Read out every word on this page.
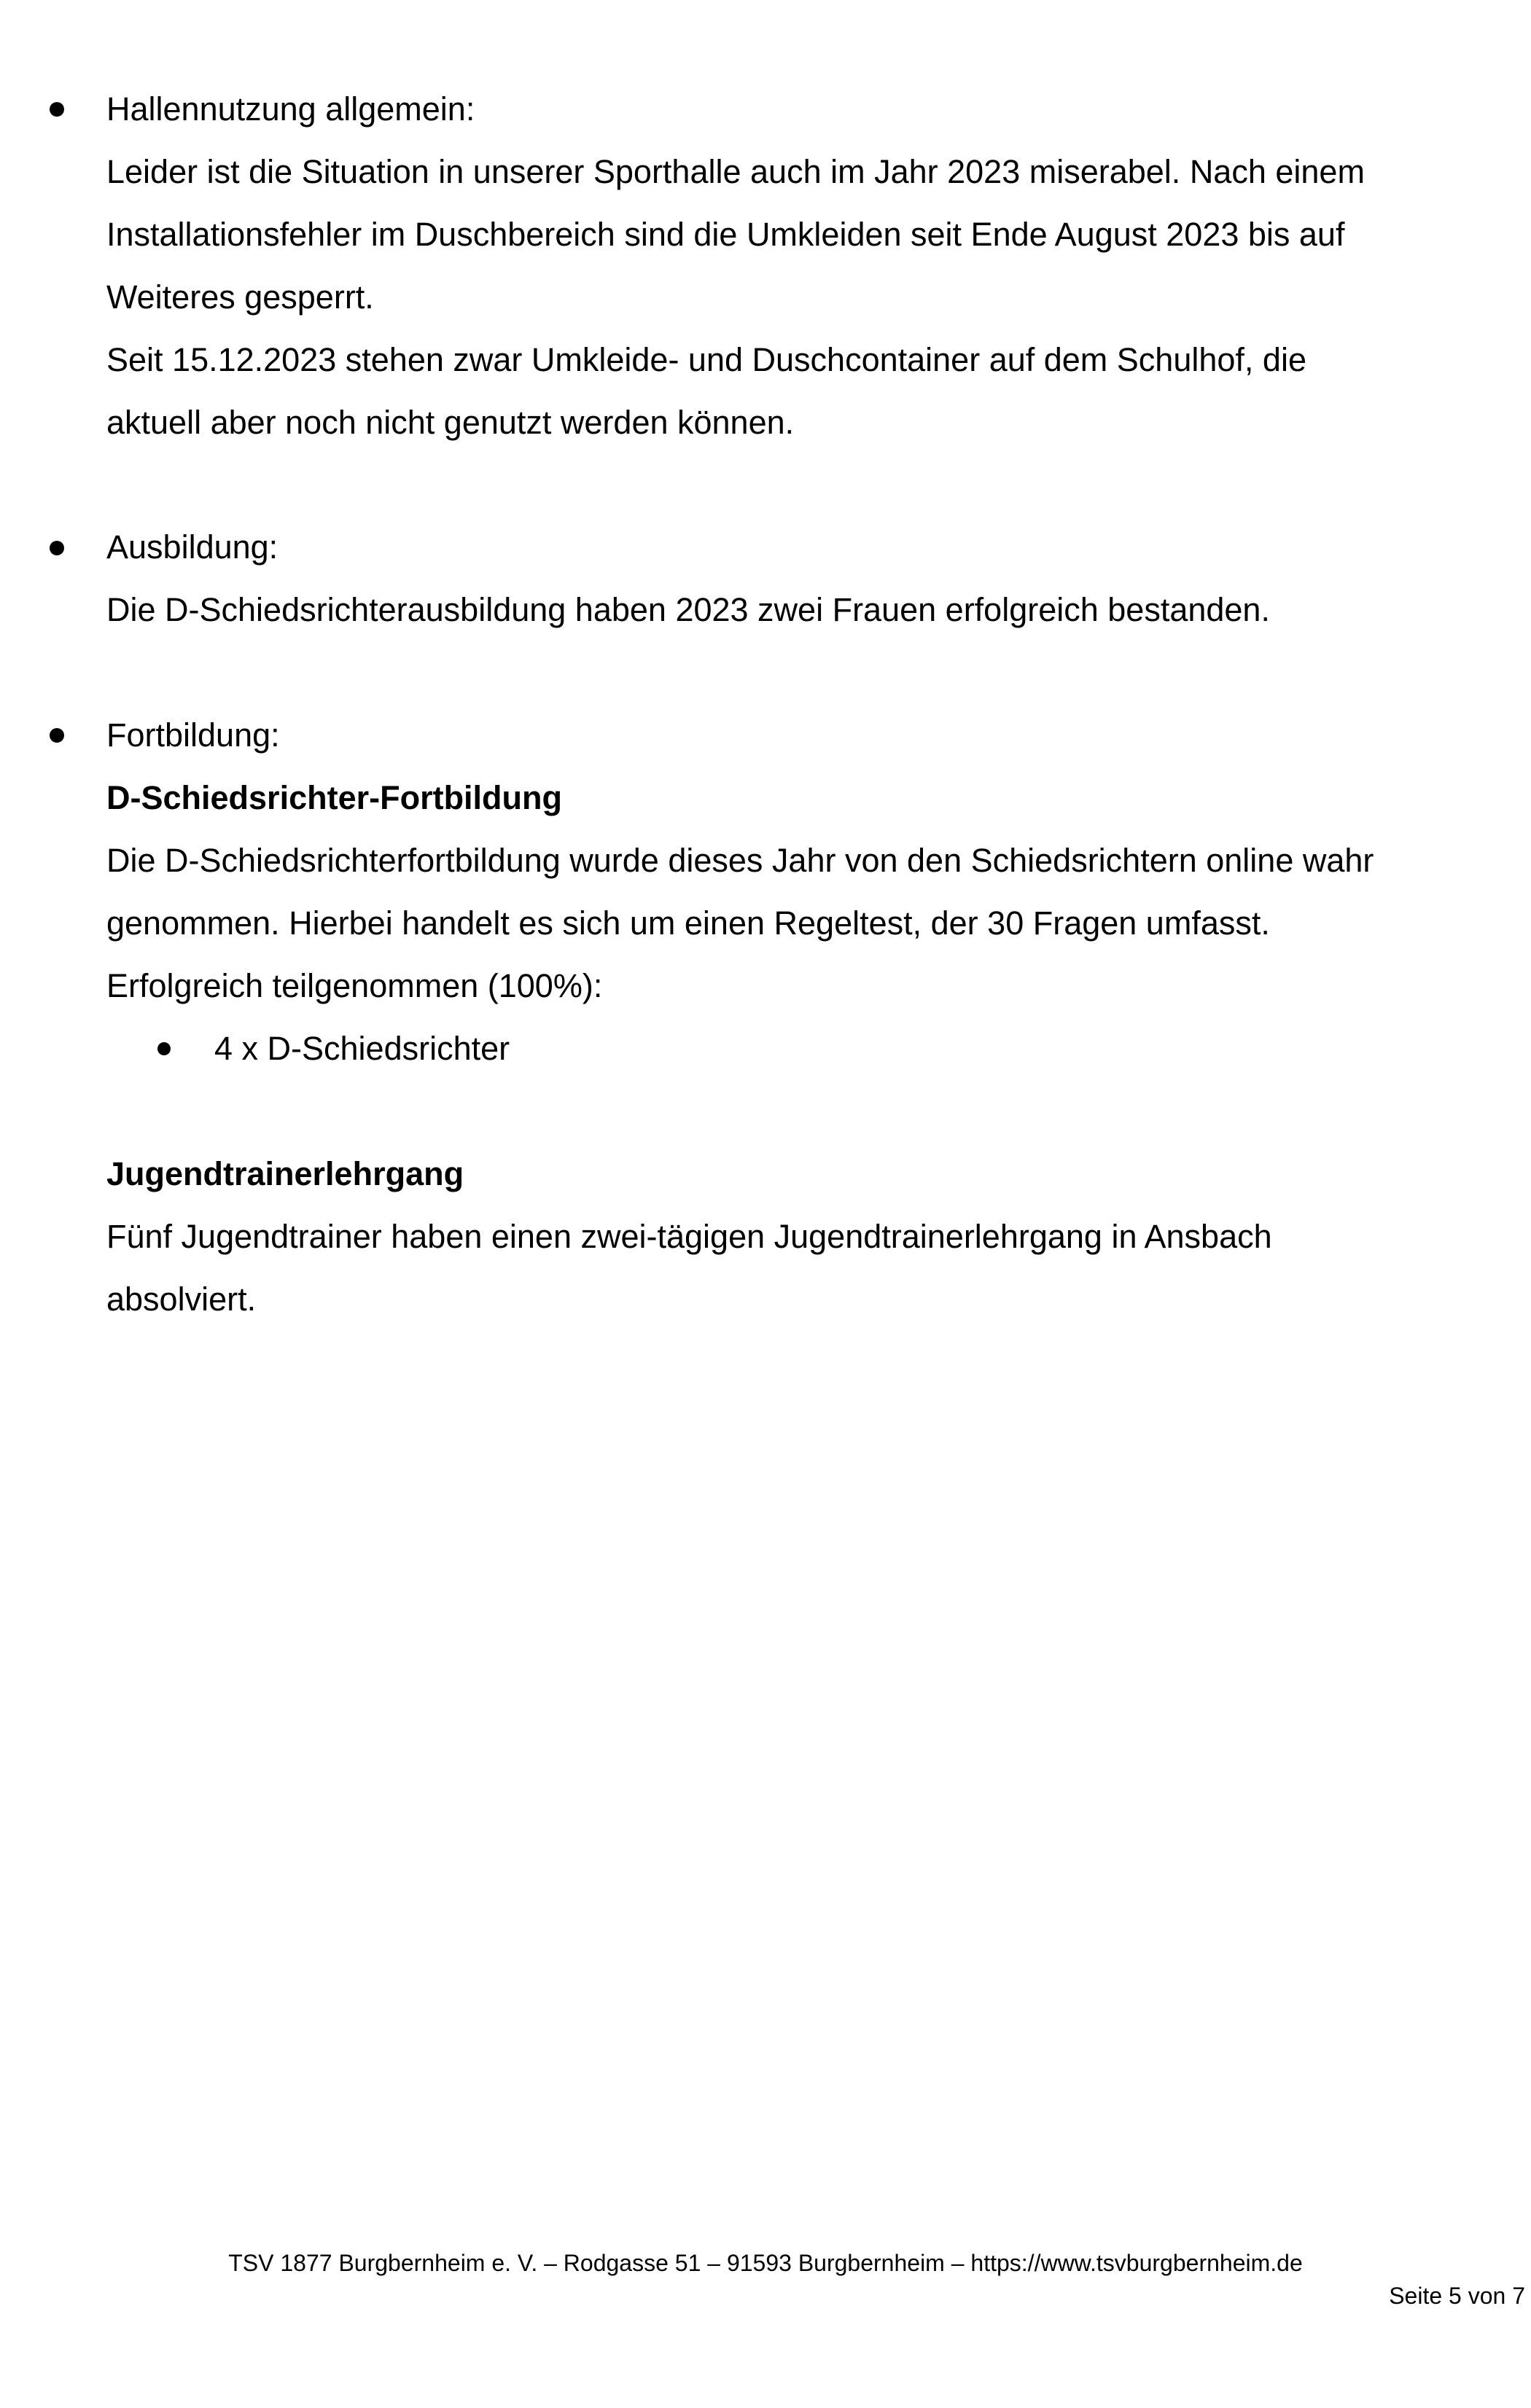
Hallennutzung allgemein:
Leider ist die Situation in unserer Sporthalle auch im Jahr 2023 miserabel. Nach einem
Installationsfehler im Duschbereich sind die Umkleiden seit Ende August 2023 bis auf
Weiteres gesperrt.
Seit 15.12.2023 stehen zwar Umkleide- und Duschcontainer auf dem Schulhof, die
aktuell aber noch nicht genutzt werden können.
Ausbildung:
Die D-Schiedsrichterausbildung haben 2023 zwei Frauen erfolgreich bestanden.
Fortbildung:
D-Schiedsrichter-Fortbildung
Die D-Schiedsrichterfortbildung wurde dieses Jahr von den Schiedsrichtern online wahr
genommen. Hierbei handelt es sich um einen Regeltest, der 30 Fragen umfasst.
Erfolgreich teilgenommen (100%):
4 x D-Schiedsrichter
Jugendtrainerlehrgang
Fünf Jugendtrainer haben einen zwei-tägigen Jugendtrainerlehrgang in Ansbach
absolviert.
TSV 1877 Burgbernheim e. V. – Rodgasse 51 – 91593 Burgbernheim – https://www.tsvburgbernheim.de
Seite 5 von 7
